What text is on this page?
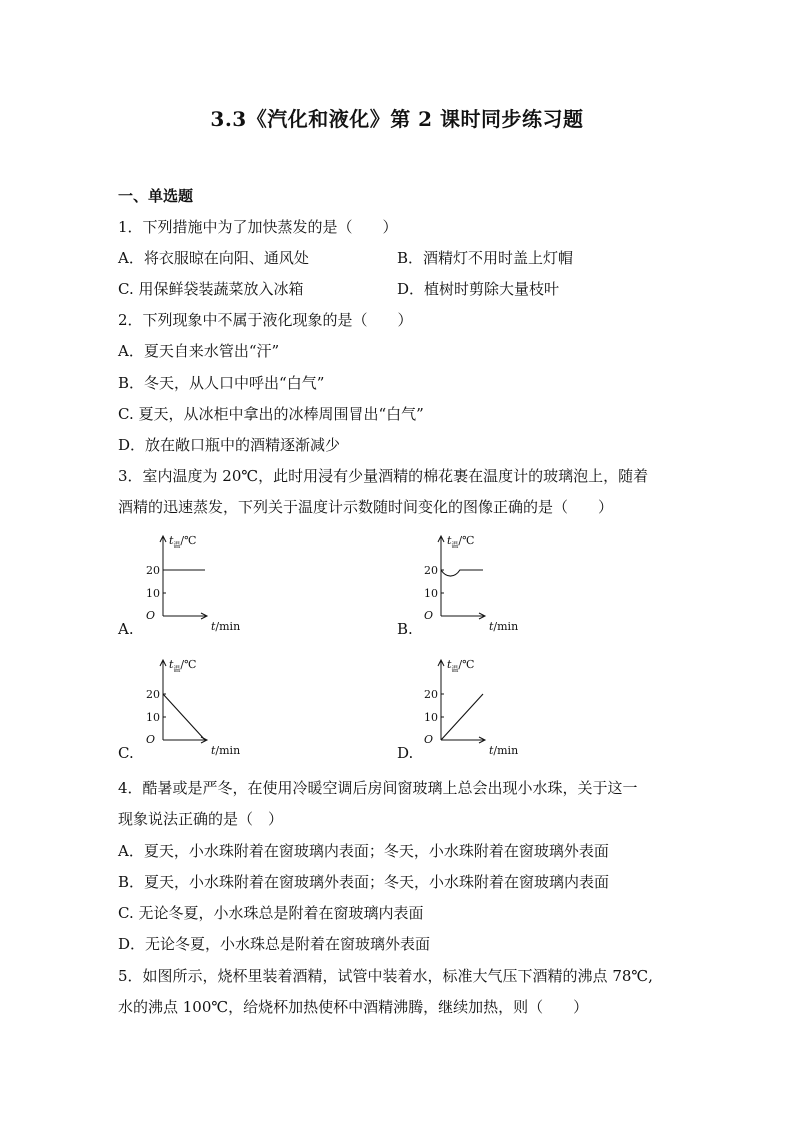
3.3《汽化和液化》第 2 课时同步练习题
一、单选题
1．下列措施中为了加快蒸发的是（　　）
A．将衣服晾在向阳、通风处	B．酒精灯不用时盖上灯帽
C. 用保鲜袋装蔬菜放入冰箱	D．植树时剪除大量枝叶
2．下列现象中不属于液化现象的是（　　）
A．夏天自来水管出“汗”
B．冬天，从人口中呼出“白气”
C. 夏天，从冰柜中拿出的冰棒周围冒出“白气”
D．放在敞口瓶中的酒精逐渐减少
3．室内温度为 20℃，此时用浸有少量酒精的棉花裹在温度计的玻璃泡上，随着
酒精的迅速蒸发，下列关于温度计示数随时间变化的图像正确的是（　　）
A.	B.
C.	D.
$t_温/℃$
20
10
O
t/min
$t_温/℃$
20
10
O
t/min
$t_温/℃$
20
10
O
t/min
$t_温/℃$
20
10
O
t/min
4．酷暑或是严冬，在使用冷暖空调后房间窗玻璃上总会出现小水珠，关于这一
现象说法正确的是（　）
A．夏天，小水珠附着在窗玻璃内表面；冬天，小水珠附着在窗玻璃外表面
B．夏天，小水珠附着在窗玻璃外表面；冬天，小水珠附着在窗玻璃内表面
C. 无论冬夏，小水珠总是附着在窗玻璃内表面
D．无论冬夏，小水珠总是附着在窗玻璃外表面
5．如图所示，烧杯里装着酒精，试管中装着水，标准大气压下酒精的沸点 78℃,
水的沸点 100℃，给烧杯加热使杯中酒精沸腾，继续加热，则（　　）
